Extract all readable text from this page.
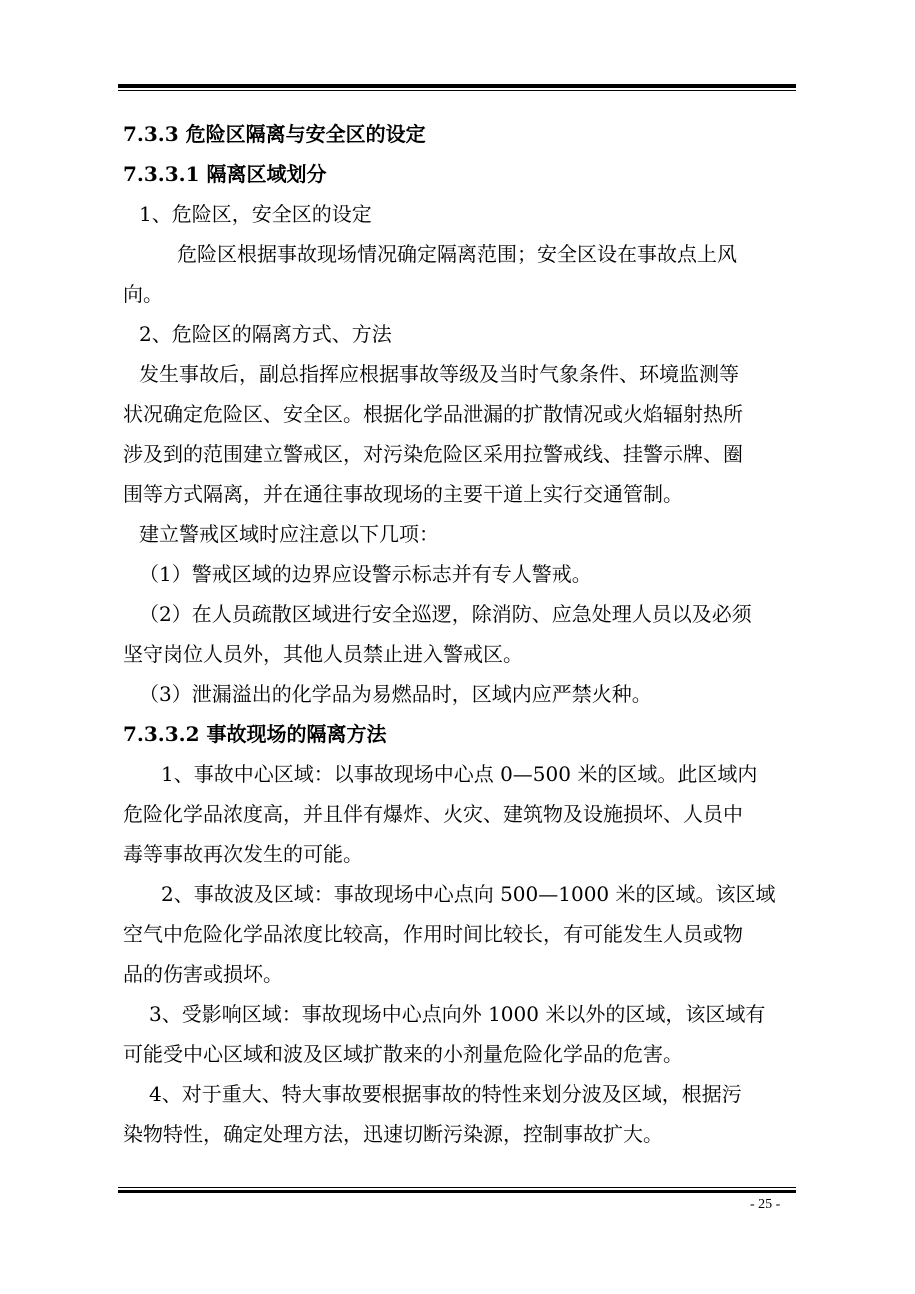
7.3.3 危险区隔离与安全区的设定
7.3.3.1 隔离区域划分
1、危险区，安全区的设定
危险区根据事故现场情况确定隔离范围；安全区设在事故点上风
向。
2、危险区的隔离方式、方法
发生事故后，副总指挥应根据事故等级及当时气象条件、环境监测等
状况确定危险区、安全区。根据化学品泄漏的扩散情况或火焰辐射热所
涉及到的范围建立警戒区，对污染危险区采用拉警戒线、挂警示牌、圈
围等方式隔离，并在通往事故现场的主要干道上实行交通管制。
建立警戒区域时应注意以下几项：
（1）警戒区域的边界应设警示标志并有专人警戒。
（2）在人员疏散区域进行安全巡逻，除消防、应急处理人员以及必须
坚守岗位人员外，其他人员禁止进入警戒区。
（3）泄漏溢出的化学品为易燃品时，区域内应严禁火种。
7.3.3.2 事故现场的隔离方法
1、事故中心区域：以事故现场中心点 0—500 米的区域。此区域内
危险化学品浓度高，并且伴有爆炸、火灾、建筑物及设施损坏、人员中
毒等事故再次发生的可能。
2、事故波及区域：事故现场中心点向 500—1000 米的区域。该区域
空气中危险化学品浓度比较高，作用时间比较长，有可能发生人员或物
品的伤害或损坏。
3、受影响区域：事故现场中心点向外 1000 米以外的区域，该区域有
可能受中心区域和波及区域扩散来的小剂量危险化学品的危害。
4、对于重大、特大事故要根据事故的特性来划分波及区域，根据污
染物特性，确定处理方法，迅速切断污染源，控制事故扩大。
- 25 -
